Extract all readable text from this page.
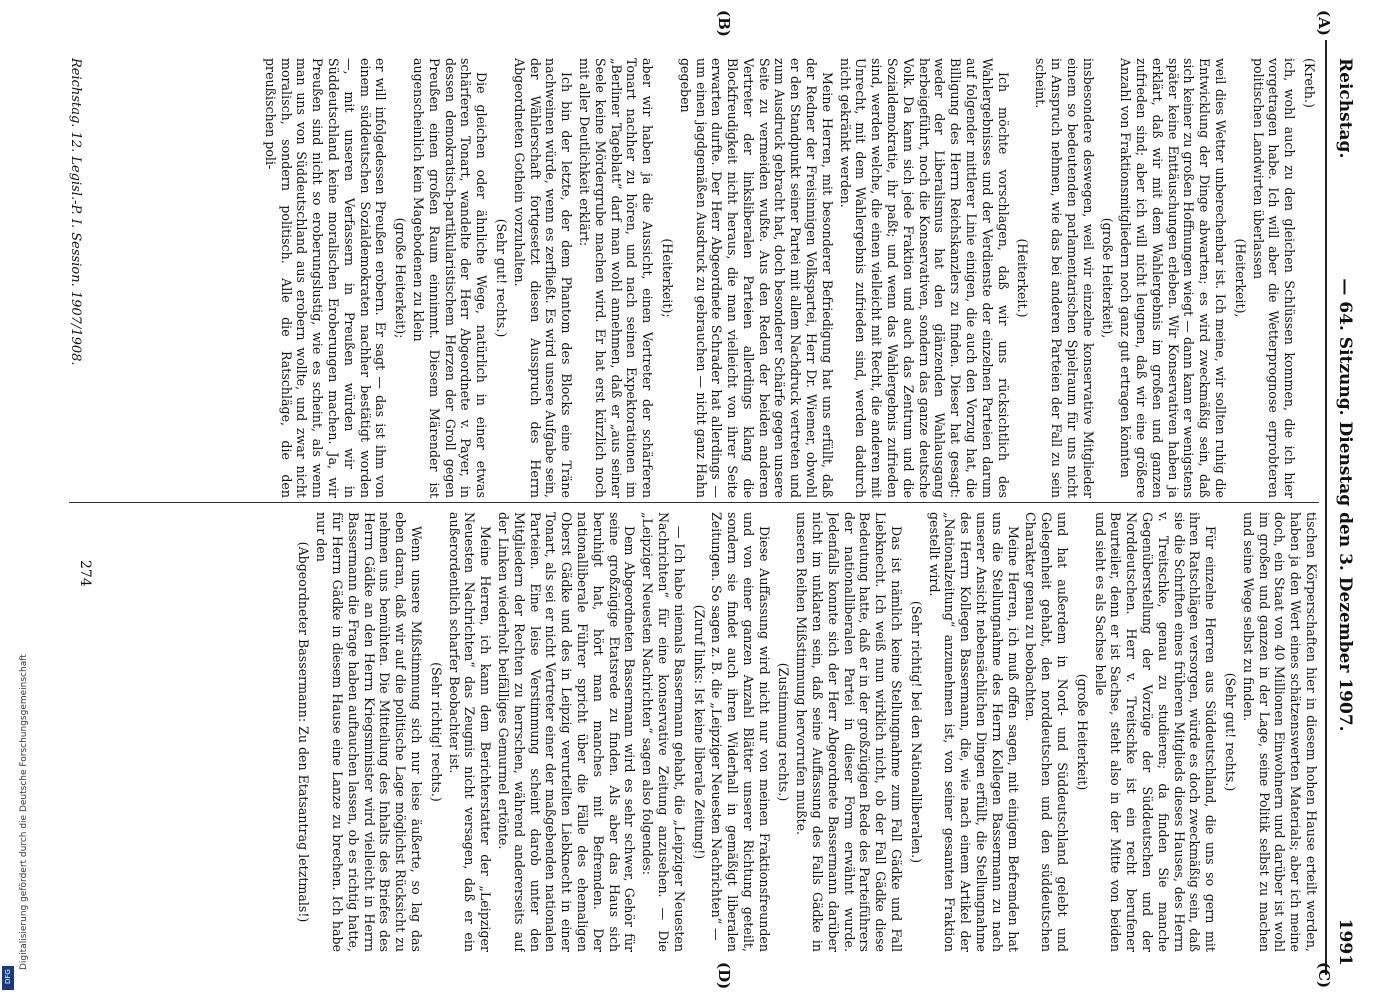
Reichstag.
— 64. Sitzung. Dienstag den 3. Dezember 1907.
1991
(A)
(B)
(C)
(D)

(Kreth.)

ich, wohl auch zu den gleichen Schlüssen kommen, die ich hier vorgetragen habe. Ich will aber die Wetterprognose erprobteren politischen Landwirten überlassen

(Heiterkeit),

weil dies Wetter unberechenbar ist. Ich meine, wir sollten ruhig die Entwicklung der Dinge abwarten; es wird zweckmäßig sein, daß sich keiner zu großen Hoffnungen wiegt — dann kann er wenigstens später keine Enttäuschungen erleben. Wir Konservativen haben ja erklärt, daß wir mit dem Wahlergebnis im großen und ganzen zufrieden sind; aber ich will nicht leugnen, daß wir eine größere Anzahl von Fraktionsmitgliedern noch ganz gut ertragen könnten

(große Heiterkeit),

insbesondere deswegen, weil wir einzelne konservative Mitglieder einem so bedeutenden parlamentarischen Spielraum für uns nicht in Anspruch nehmen, wie das bei anderen Parteien der Fall zu sein scheint.

(Heiterkeit.)

Ich möchte vorschlagen, daß wir uns rücksichtlich des Wahlergebnisses und der Verdienste der einzelnen Parteien darum auf folgender mittlerer Linie einigen, die auch den Vorzug hat, die Billigung des Herrn Reichskanzlers zu finden. Dieser hat gesagt: weder der Liberalismus hat den glänzenden Wahlausgang herbeigeführt, noch die Konservativen, sondern das ganze deutsche Volk. Da kann sich jede Fraktion und auch das Zentrum und die Sozialdemokratie, ihr paßt; und wenn das Wahlergebnis zufrieden sind, werden welche, die einen vielleicht mit Recht, die anderen mit Unrecht, mit dem Wahlergebnis zufrieden sind, werden dadurch nicht gekränkt werden.

Meine Herren, mit besonderer Befriedigung hat uns erfüllt, daß der Redner der Freisinnigen Volkspartei, Herr Dr. Wiemer, obwohl er den Standpunkt seiner Partei mit allem Nachdruck vertreten und zum Ausdruck gebracht hat, doch besonderer Schärfe gegen unsere Seite zu vermeiden wußte. Aus den Reden der beiden anderen Vertreter der linksliberalen Parteien allerdings klang die Blockfreudigkeit nicht heraus, die man vielleicht von ihrer Seite erwarten durfte. Der Herr Abgeordnete Schrader hat allerdings — um einen jagdgemäßen Ausdruck zu gebrauchen — nicht ganz Hahn gegeben

(Heiterkeit);

aber wir haben ja die Aussicht, einen Vertreter der schärferen Tonart nachher zu hören, und nach seinen Expektorationen im „Berliner Tageblatt“ darf man wohl annehmen, daß er „aus seiner Seele keine Mördergrube machen wird. Er hat erst kürzlich noch mit aller Deutlichkeit erklärt:

Ich bin der letzte, der dem Phantom des Blocks eine Träne nachweinen würde, wenn es zerfließt. Es wird unsere Aufgabe sein, der Wählerschaft fortgesetzt diesen Ausspruch des Herrn Abgeordneten Gothein vorzuhalten.

(Sehr gut! rechts.)

Die gleichen oder ähnliche Wege, natürlich in einer etwas schärferen Tonart, wandelte der Herr Abgeordnete v. Payer, in dessen demokratisch-partikularistischem Herzen der Groll gegen Preußen einen großen Raum einnimmt. Diesem Märender ist augenscheinlich kein Magebodenen zu klein

(große Heiterkeit);

er will infolgedessen Preußen erobern. Er sagt — das ist ihm von einem süddeutschen Sozialdemokraten nachher bestätigt worden —, mit unseren Verfassern in Preußen würden wir in Süddeutschland keine moralischen Eroberungen machen. Ja, wir Preußen sind nicht so eroberungslustig, wie es scheint, als wenn man uns von Süddeutschland aus erobern wollte, und zwar nicht moralisch, sondern politisch. Alle die Ratschläge, die den preußischen poli-

tischen Körperschaften hier in diesem hohen Hause erteilt werden, haben ja den Wert eines schätzenswerten Materials; aber ich meine doch, ein Staat von 40 Millionen Einwohnern und darüber ist wohl im großen und ganzen in der Lage, seine Politik selbst zu machen und seine Wege selbst zu finden.

(Sehr gut! rechts.)

Für einzelne Herren aus Süddeutschland, die uns so gern mit ihren Ratschlägen versorgen, würde es doch zweckmäßig sein, daß sie die Schriften eines früheren Mitglieds dieses Hauses, des Herrn v. Treitschke, genau zu studieren; da finden Sie manche Gegenüberstellung der Vorzüge der Süddeutschen und der Norddeutschen. Herr v. Treitschke ist ein recht berufener Beurteiler, denn er ist Sachse, steht also in der Mitte von beiden und sieht es als Sachse helle

(große Heiterkeit)

und hat außerdem in Nord- und Süddeutschland gelebt und Gelegenheit gehabt, den norddeutschen und den süddeutschen Charakter genau zu beobachten.

Meine Herren, ich muß offen sagen, mit einigem Befremden hat uns die Stellungnahme des Herrn Kollegen Bassermann zu nach unserer Ansicht nebensächlichen Dingen erfüllt, die Stellungnahme des Herrn Kollegen Bassermann, die, wie nach einem Artikel der „Nationalzeitung“ anzunehmen ist, von seiner gesamten Fraktion gestellt wird.

(Sehr richtig! bei den Nationalliberalen.)

Das ist nämlich keine Stellungnahme zum Fall Gädke und Fall Liebknecht. Ich weiß nun wirklich nicht, ob der Fall Gädke diese Bedeutung hatte, daß er in der großzügigen Rede des Parteiführers der nationalliberalen Partei in dieser Form erwähnt wurde. Jedenfalls konnte sich der Herr Abgeordnete Bassermann darüber nicht im unklaren sein, daß seine Auffassung des Falls Gädke in unseren Reihen Mißstimmung hervorrufen mußte.

(Zustimmung rechts.)

Diese Auffassung wird nicht nur von meinen Fraktionsfreunden und von einer ganzen Anzahl Blätter unserer Richtung geteilt, sondern sie findet auch ihren Widerhall in gemäßigt liberalen Zeitungen. So sagen z. B. die „Leipziger Neuesten Nachrichten“ —

(Zuruf links: Ist keine liberale Zeitung!)

— Ich habe niemals Bassermann gehabt, die „Leipziger Neuesten Nachrichten“ für eine konservative Zeitung anzusehen. — Die „Leipziger Neuesten Nachrichten“ sagen also folgendes:

Dem Abgeordneten Bassermann wird es sehr schwer, Gehör für seine großzügige Etatsrede zu finden. Als aber das Haus sich beruhigt hat, hört man manches mit Befremden. Der nationalliberale Führer spricht über die Fälle des ehemaligen Oberst Gädke und des in Leipzig verurteilten Liebknecht in einer Tonart, als sei er nicht Vertreter einer der maßgebenden nationalen Parteien. Eine leise Verstimmung scheint darob unter den Mitgliedern der Rechten zu herrschen, während andererseits auf der Linken wiederholt beifälliges Gemurmel ertönte.

Meine Herren, ich kann dem Berichterstatter der „Leipziger Neuesten Nachrichten“ das Zeugnis nicht versagen, daß er ein außerordentlich scharfer Beobachter ist.

(Sehr richtig! rechts.)

Wenn unsere Mißstimmung sich nur leise äußerte, so lag das eben daran, daß wir auf die politische Lage möglichst Rücksicht zu nehmen uns bemühten. Die Mitteilung des Inhalts des Briefes des Herrn Gädke an den Herrn Kriegsminister wird vielleicht in Herrn Bassermann die Frage haben auftauchen lassen, ob es richtig hatte, für Herrn Gädke in diesem Hause eine Lanze zu brechen. Ich habe nur den

(Abgeordneter Bassermann: Zu den Etatsantrag letztmals!)

Reichstag. 12. Legisl.-P. I. Session. 1907/1908.
274
Digitalisierung gefördert durch die Deutsche Forschungsgemeinschaft
DFG
